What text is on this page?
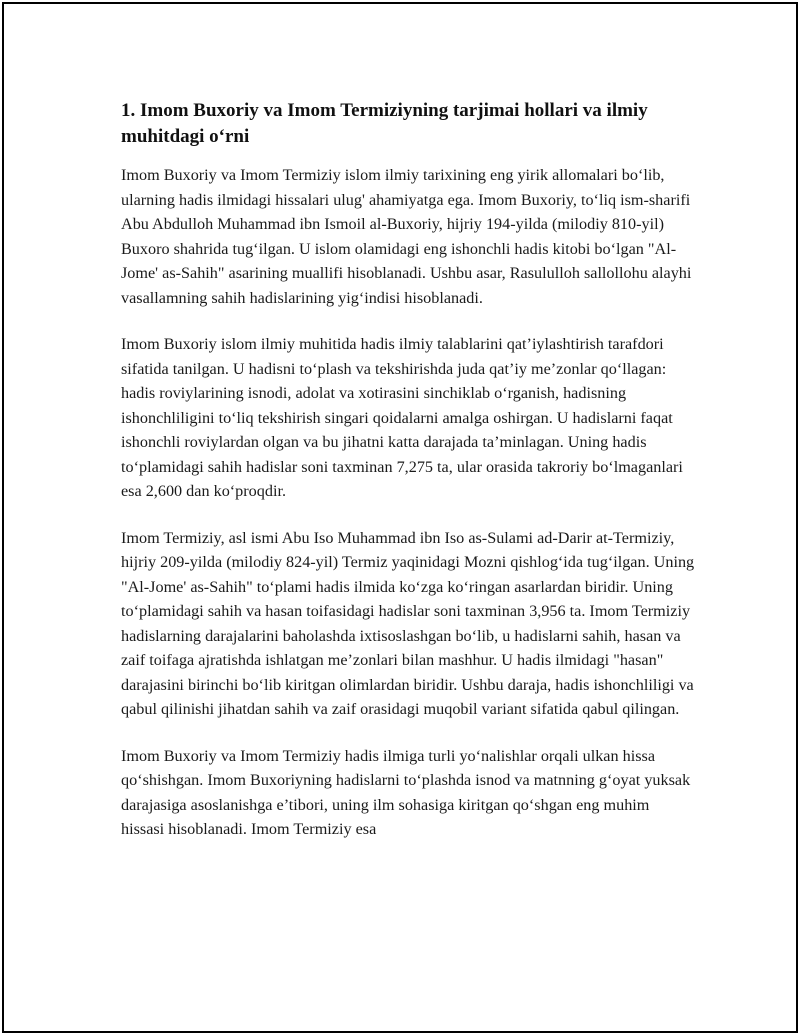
1. Imom Buxoriy va Imom Termiziyning tarjimai hollari va ilmiy muhitdagi o‘rni

Imom Buxoriy va Imom Termiziy islom ilmiy tarixining eng yirik allomalari bo‘lib, ularning hadis ilmidagi hissalari ulug' ahamiyatga ega. Imom Buxoriy, to‘liq ism-sharifi Abu Abdulloh Muhammad ibn Ismoil al-Buxoriy, hijriy 194-yilda (milodiy 810-yil) Buxoro shahrida tug‘ilgan. U islom olamidagi eng ishonchli hadis kitobi bo‘lgan "Al-Jome' as-Sahih" asarining muallifi hisoblanadi. Ushbu asar, Rasululloh sallollohu alayhi vasallamning sahih hadislarining yig‘indisi hisoblanadi.

Imom Buxoriy islom ilmiy muhitida hadis ilmiy talablarini qat’iylashtirish tarafdori sifatida tanilgan. U hadisni to‘plash va tekshirishda juda qat’iy me’zonlar qo‘llagan: hadis roviylarining isnodi, adolat va xotirasini sinchiklab o‘rganish, hadisning ishonchliligini to‘liq tekshirish singari qoidalarni amalga oshirgan. U hadislarni faqat ishonchli roviylardan olgan va bu jihatni katta darajada ta’minlagan. Uning hadis to‘plamidagi sahih hadislar soni taxminan 7,275 ta, ular orasida takroriy bo‘lmaganlari esa 2,600 dan ko‘proqdir.

Imom Termiziy, asl ismi Abu Iso Muhammad ibn Iso as-Sulami ad-Darir at-Termiziy, hijriy 209-yilda (milodiy 824-yil) Termiz yaqinidagi Mozni qishlog‘ida tug‘ilgan. Uning "Al-Jome' as-Sahih" to‘plami hadis ilmida ko‘zga ko‘ringan asarlardan biridir. Uning to‘plamidagi sahih va hasan toifasidagi hadislar soni taxminan 3,956 ta. Imom Termiziy hadislarning darajalarini baholashda ixtisoslashgan bo‘lib, u hadislarni sahih, hasan va zaif toifaga ajratishda ishlatgan me’zonlari bilan mashhur. U hadis ilmidagi "hasan" darajasini birinchi bo‘lib kiritgan olimlardan biridir. Ushbu daraja, hadis ishonchliligi va qabul qilinishi jihatdan sahih va zaif orasidagi muqobil variant sifatida qabul qilingan.

Imom Buxoriy va Imom Termiziy hadis ilmiga turli yo‘nalishlar orqali ulkan hissa qo‘shishgan. Imom Buxoriyning hadislarni to‘plashda isnod va matnning g‘oyat yuksak darajasiga asoslanishga e’tibori, uning ilm sohasiga kiritgan qo‘shgan eng muhim hissasi hisoblanadi. Imom Termiziy esa
